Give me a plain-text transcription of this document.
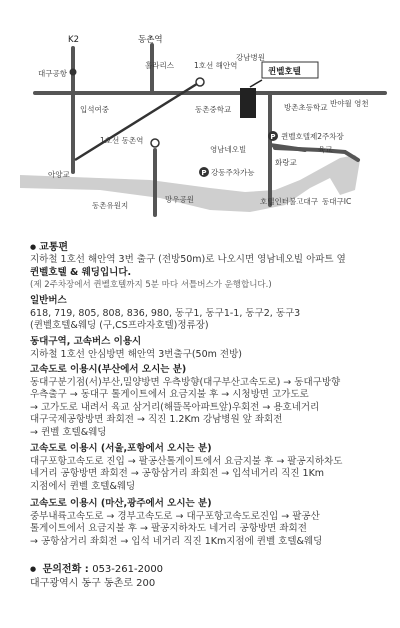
P
P
K2	동촌역
대구공항
홀라리스	1호선 해안역
강남병원
퀸벨호텔
입석여중	동촌중학교	방촌초등학교 반야월 영천
1호선 동촌역	퀸벨호텔제2주차장
영남네오빌
화랑교
육교
아양교	강동주차가능
동촌유원지
망우공원	호텔인터불고대구 동대구IC
● 교통편
지하철 1호선 해안역 3번 출구 (전방50m)로 나오시면 영남네오빌 아파트 옆
퀸벨호텔 & 웨딩입니다.
(제 2주차장에서 퀸벨호텔까지 5분 마다 셔틀버스가 운행합니다.)
일반버스
618, 719, 805, 808, 836, 980, 동구1, 동구1-1, 동구2, 동구3
(퀸벨호텔&웨딩 (구,CS프라자호텔)정류장)
동대구역, 고속버스 이용시
지하철 1호선 안심방면 해안역 3번출구(50m 전방)
고속도로 이용시(부산에서 오시는 분)
동대구분기점(서)부산,밀양방면 우측방향(대구부산고속도로) → 동대구방향
우측출구 → 동대구 톨게이트에서 요금지불 후 → 시청방면 고가도로
→ 고가도로 내려서 육교 삼거리(해뜰목아파트앞)우회전 → 용호네거리
대구국제공항방면 좌회전 → 직진 1.2Km 강남병원 앞 좌회전
→ 퀸벨 호텔&웨딩
고속도로 이용시 (서울,포항에서 오시는 분)
대구포항고속도로 진입 → 팔공산톨게이트에서 요금지불 후 → 팔공지하차도
네거리 공항방면 좌회전 → 공항삼거리 좌회전 → 입석네거리 직진 1Km
지점에서 퀸벨 호텔&웨딩
고속도로 이용시 (마산,광주에서 오시는 분)
중부내륙고속도로 → 경부고속도로 → 대구포항고속도로진입 → 팔공산
톨게이트에서 요금지불 후 → 팔공지하차도 네거리 공항방면 좌회전
→ 공항삼거리 좌회전 → 입석 네거리 직진 1Km지점에 퀸벨 호텔&웨딩
● 문의전화 : 053-261-2000
대구광역시 동구 동촌로 200
